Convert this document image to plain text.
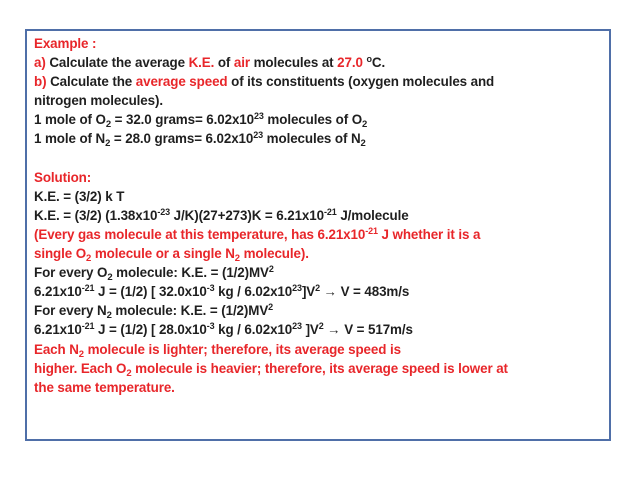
Example :
a) Calculate the average K.E. of air molecules at 27.0 $^o$C.
b) Calculate the average speed of its constituents (oxygen molecules and
nitrogen molecules).
1 mole of $O_2 = 32.0$ grams= $6.02x10^{23}$ molecules of $O_2$
1 mole of $N_2 = 28.0$ grams= $6.02x10^{23}$ molecules of $N_2$
Solution:
K.E. = (3/2) k T
K.E. = (3/2) ($1.38x10^{-23}$ $J/K)(27+273)K = 6.21x10^{-21}$ J/molecule
(Every gas molecule at this temperature, has $6.21x10^{-21}$ J whether it is a
single $O_2$ molecule or a single $N_2$ molecule).
For every $O_2$ molecule: K.E. = $(1/2)MV^2$
$6.21x10^{-21}$ J = (1/2) [ $32.0x10^{-3}$ kg / $6.02x10^{23}]V^2 \to V = 483m/s$
For every $N_2$ molecule: K.E. = $(1/2)MV^2$
$6.21x10^{-21}$ J = (1/2) [ $28.0x10^{-3}$ kg / $6.02x10^{23}$ ]$V^2 \to V = 517m/s$
Each $N_2$ molecule is lighter; therefore, its average speed is
higher. Each $O_2$ molecule is heavier; therefore, its average speed is lower at
the same temperature.
